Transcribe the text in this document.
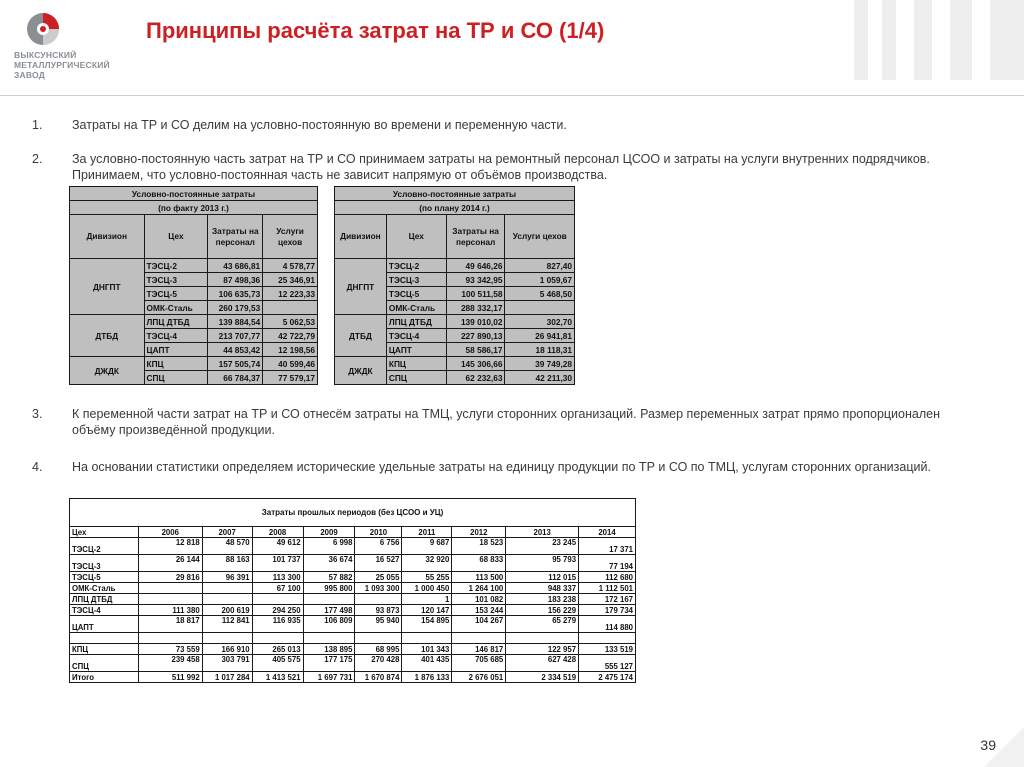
ВЫКСУНСКИЙ
МЕТАЛЛУРГИЧЕСКИЙ
ЗАВОД
Принципы расчёта затрат на ТР и СО (1/4)
1. Затраты на ТР и СО делим на условно-постоянную во времени и переменную части.
2. За условно-постоянную часть затрат на ТР и СО принимаем затраты на ремонтный персонал ЦСОО и затраты на услуги внутренних подрядчиков. Принимаем, что условно-постоянная часть не зависит напрямую от объёмов производства.
3. К переменной части затрат на ТР и СО отнесём затраты на ТМЦ, услуги сторонних организаций. Размер переменных затрат прямо пропорционален объёму произведённой продукции.
4. На основании статистики определяем исторические удельные затраты на единицу продукции по ТР и СО по ТМЦ, услугам сторонних организаций.
Условно-постоянные затраты			
(по факту 2013 г.)			
Дивизион	Цех	Затраты на персонал	Услуги цехов
ДНГПТ	ТЭСЦ-2	43 686,81	4 578,77
	ТЭСЦ-3	87 498,36	25 346,91
	ТЭСЦ-5	106 635,73	12 223,33
	ОМК-Сталь	260 179,53	
ДТБД	ЛПЦ ДТБД	139 884,54	5 062,53
	ТЭСЦ-4	213 707,77	42 722,79
	ЦАПТ	44 853,42	12 198,56
ДЖДК	КПЦ	157 505,74	40 599,46
	СПЦ	66 784,37	77 579,17
Условно-постоянные затраты			
(по плану 2014 г.)			
Дивизион	Цех	Затраты на персонал	Услуги цехов
ДНГПТ	ТЭСЦ-2	49 646,26	827,40
	ТЭСЦ-3	93 342,95	1 059,67
	ТЭСЦ-5	100 511,58	5 468,50
	ОМК-Сталь	288 332,17	
ДТБД	ЛПЦ ДТБД	139 010,02	302,70
	ТЭСЦ-4	227 890,13	26 941,81
	ЦАПТ	58 586,17	18 118,31
ДЖДК	КПЦ	145 306,66	39 749,28
	СПЦ	62 232,63	42 211,30
Затраты прошлых периодов (без ЦСОО и УЦ)									
Цех	2006	2007	2008	2009	2010	2011	2012	2013	2014
ТЭСЦ-2	12 818	48 570	49 612	6 998	6 756	9 687	18 523	23 245	17 371
ТЭСЦ-3	26 144	88 163	101 737	36 674	16 527	32 920	68 833	95 793	77 194
ТЭСЦ-5	29 816	96 391	113 300	57 882	25 055	55 255	113 500	112 015	112 680
ОМК-Сталь			67 100	995 800	1 093 300	1 000 450	1 264 100	948 337	1 112 501
ЛПЦ ДТБД						1	101 082	183 238	172 167
ТЭСЦ-4	111 380	200 619	294 250	177 498	93 873	120 147	153 244	156 229	179 734
ЦАПТ	18 817	112 841	116 935	106 809	95 940	154 895	104 267	65 279	114 880

КПЦ	73 559	166 910	265 013	138 895	68 995	101 343	146 817	122 957	133 519
СПЦ	239 458	303 791	405 575	177 175	270 428	401 435	705 685	627 428	555 127
Итого	511 992	1 017 284	1 413 521	1 697 731	1 670 874	1 876 133	2 676 051	2 334 519	2 475 174
39
